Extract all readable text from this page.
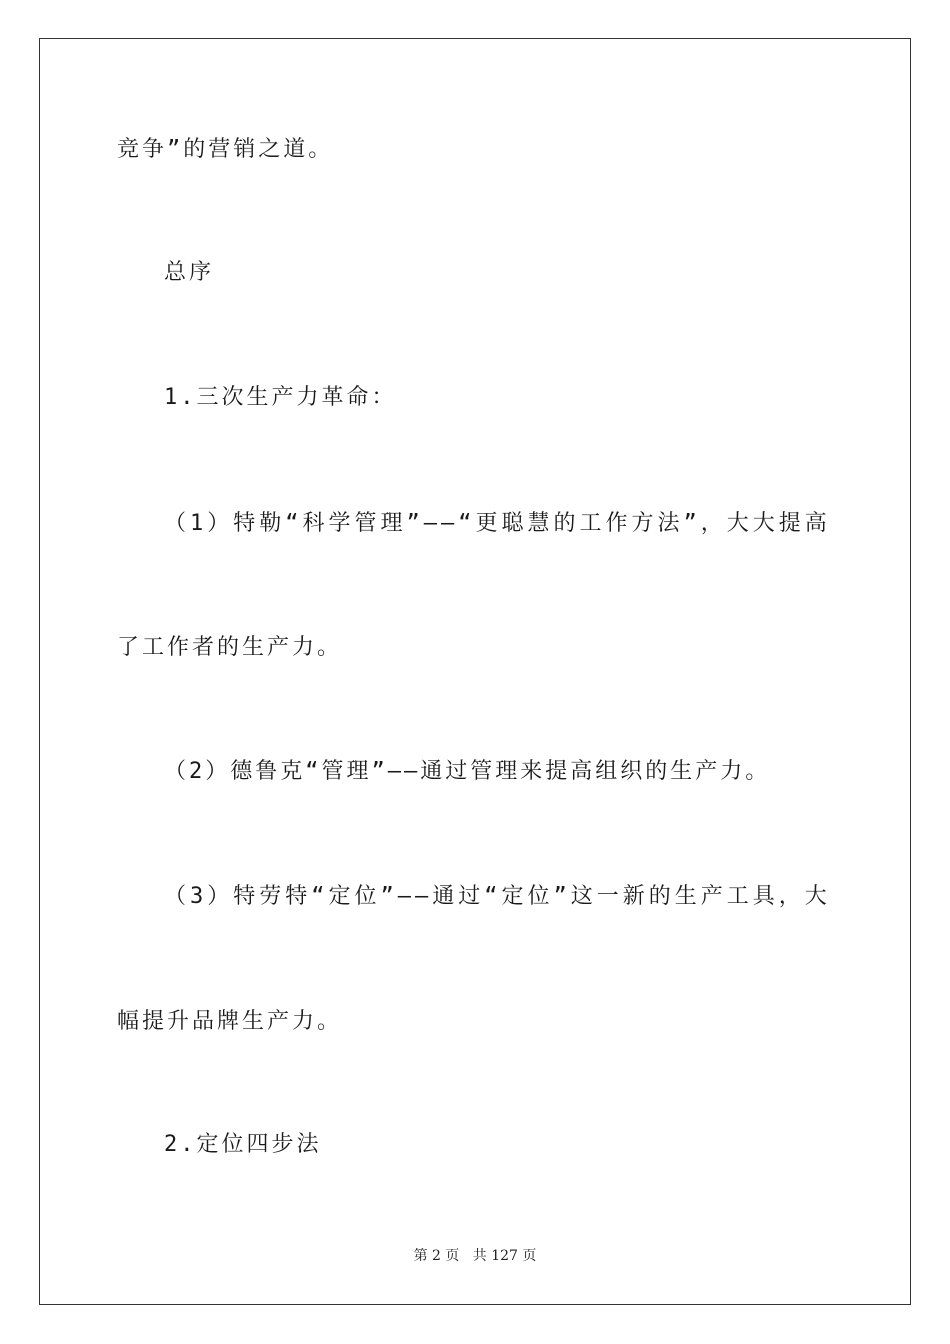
竞争”的营销之道。
总序
1.三次生产力革命：
（1）特勒“科学管理”——“更聪慧的工作方法”，大大提高
了工作者的生产力。
（2）德鲁克“管理”——通过管理来提高组织的生产力。
（3）特劳特“定位”——通过“定位”这一新的生产工具，大
幅提升品牌生产力。
2.定位四步法
第 2 页 共 127 页
